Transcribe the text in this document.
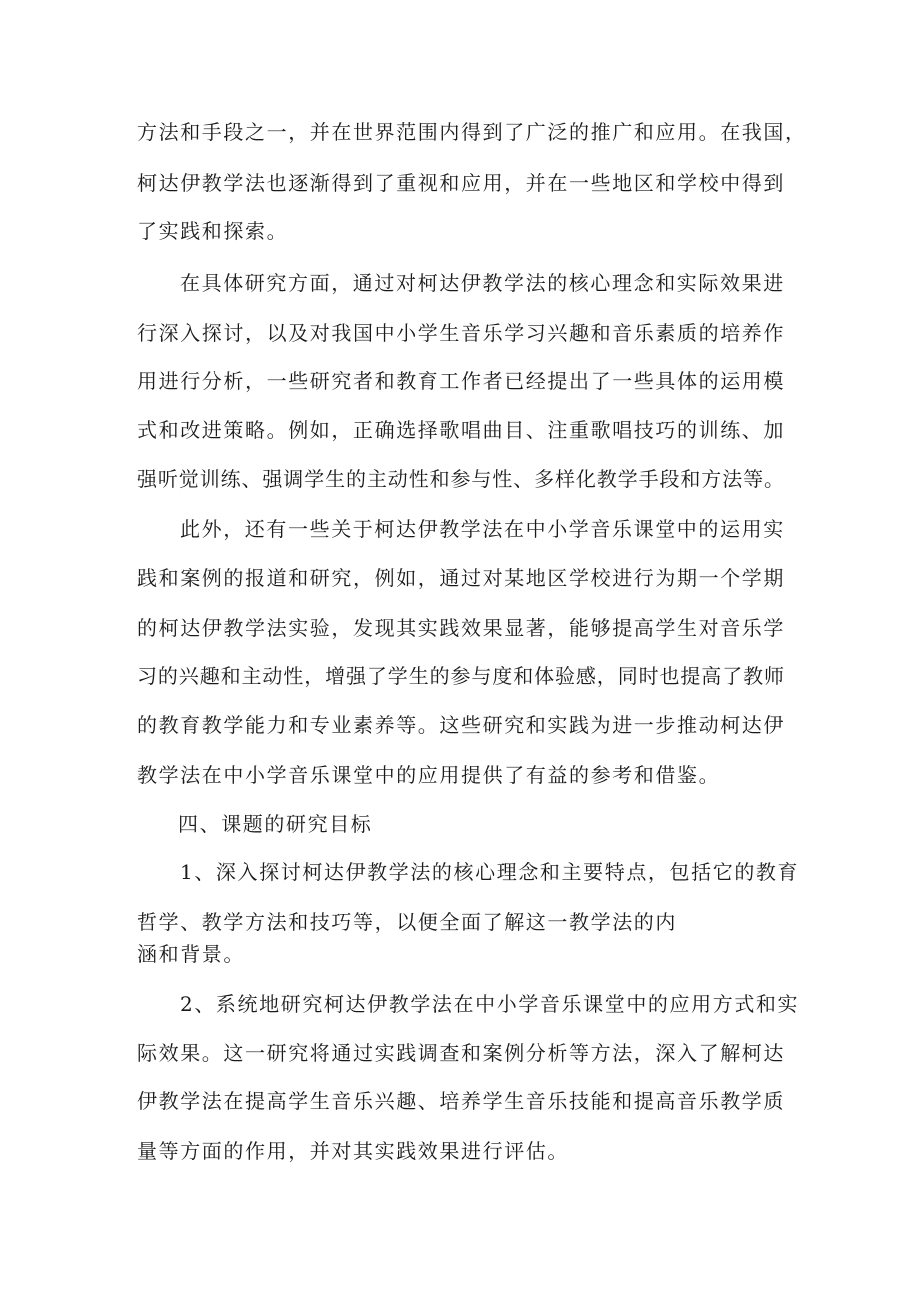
方法和手段之一，并在世界范围内得到了广泛的推广和应用。在我国，
柯达伊教学法也逐渐得到了重视和应用，并在一些地区和学校中得到
了实践和探索。
在具体研究方面，通过对柯达伊教学法的核心理念和实际效果进
行深入探讨，以及对我国中小学生音乐学习兴趣和音乐素质的培养作
用进行分析，一些研究者和教育工作者已经提出了一些具体的运用模
式和改进策略。例如，正确选择歌唱曲目、注重歌唱技巧的训练、加
强听觉训练、强调学生的主动性和参与性、多样化教学手段和方法等。
此外，还有一些关于柯达伊教学法在中小学音乐课堂中的运用实
践和案例的报道和研究，例如，通过对某地区学校进行为期一个学期
的柯达伊教学法实验，发现其实践效果显著，能够提高学生对音乐学
习的兴趣和主动性，增强了学生的参与度和体验感，同时也提高了教师
的教育教学能力和专业素养等。这些研究和实践为进一步推动柯达伊
教学法在中小学音乐课堂中的应用提供了有益的参考和借鉴。
四、课题的研究目标
1、深入探讨柯达伊教学法的核心理念和主要特点，包括它的教育
哲学、教学方法和技巧等，以便全面了解这一教学法的内
涵和背景。
2、系统地研究柯达伊教学法在中小学音乐课堂中的应用方式和实
际效果。这一研究将通过实践调查和案例分析等方法，深入了解柯达
伊教学法在提高学生音乐兴趣、培养学生音乐技能和提高音乐教学质
量等方面的作用，并对其实践效果进行评估。
